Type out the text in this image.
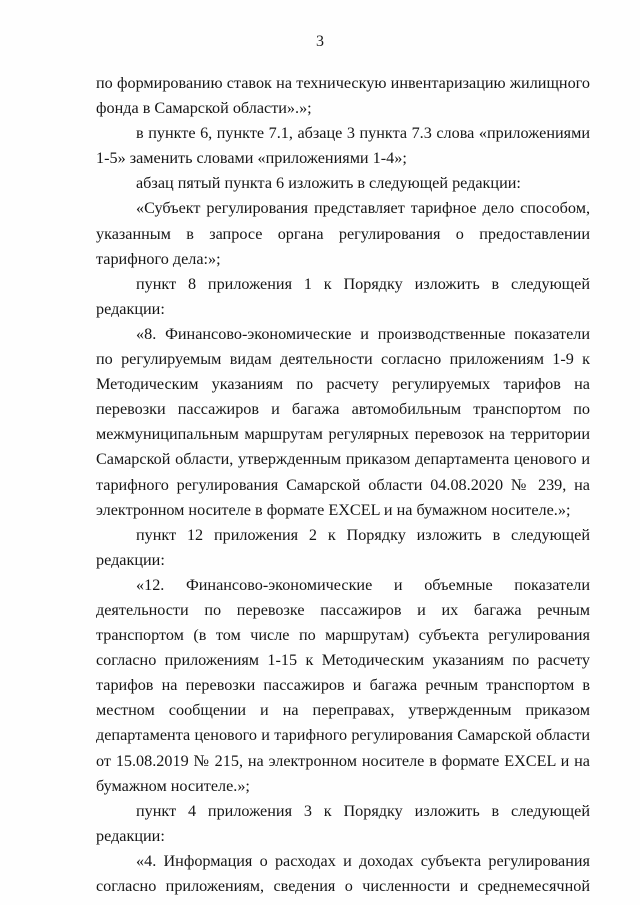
3

по формированию ставок на техническую инвентаризацию жилищного фонда в Самарской области».»;

в пункте 6, пункте 7.1, абзаце 3 пункта 7.3 слова «приложениями 1-5» заменить словами «приложениями 1-4»;

абзац пятый пункта 6 изложить в следующей редакции:

«Субъект регулирования представляет тарифное дело способом, указанным в запросе органа регулирования о предоставлении тарифного дела:»;

пункт 8 приложения 1 к Порядку изложить в следующей редакции:

«8. Финансово-экономические и производственные показатели по регулируемым видам деятельности согласно приложениям 1-9 к Методическим указаниям по расчету регулируемых тарифов на перевозки пассажиров и багажа автомобильным транспортом по межмуниципальным маршрутам регулярных перевозок на территории Самарской области, утвержденным приказом департамента ценового и тарифного регулирования Самарской области 04.08.2020 № 239, на электронном носителе в формате EXCEL и на бумажном носителе.»;

пункт 12 приложения 2 к Порядку изложить в следующей редакции:

«12. Финансово-экономические и объемные показатели деятельности по перевозке пассажиров и их багажа речным транспортом (в том числе по маршрутам) субъекта регулирования согласно приложениям 1-15 к Методическим указаниям по расчету тарифов на перевозки пассажиров и багажа речным транспортом в местном сообщении и на переправах, утвержденным приказом департамента ценового и тарифного регулирования Самарской области от 15.08.2019 № 215, на электронном носителе в формате EXCEL и на бумажном носителе.»;

пункт 4 приложения 3 к Порядку изложить в следующей редакции:

«4. Информация о расходах и доходах субъекта регулирования согласно приложениям, сведения о численности и среднемесячной
